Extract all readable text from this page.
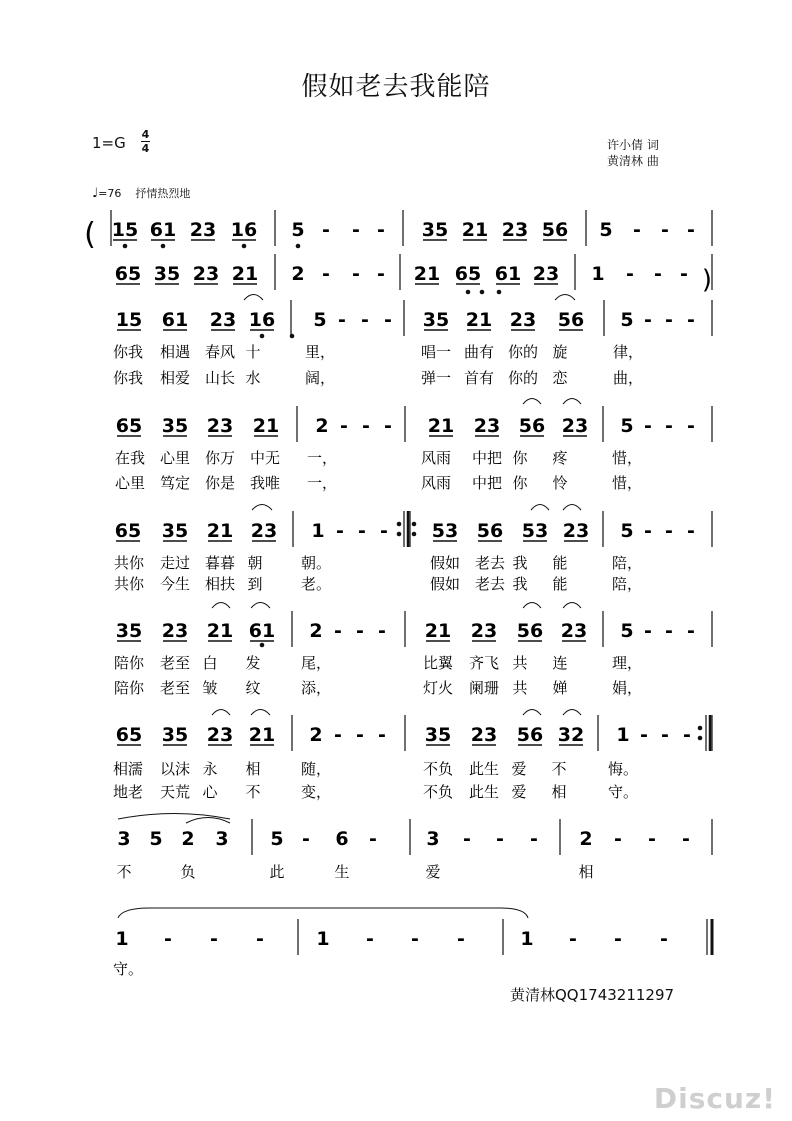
假如老去我能陪
1=G 4
4	许小倩 词
黄清林 曲
♩=76 抒情热烈地
15 61 23 16 5 - - - 35 21 23 56 5 - - -
65 35 23 21 2 - - - 21 65 61 23 1 - - -
15 61 23 16 5 - - - 35 21 23 56 5 - - -
你我 相遇 春风 十	里，	唱一 曲有 你的 旋	律，
你我 相爱 山长 水	阔，	弹一 首有 你的 恋	曲，
65 35 23 21 2 - - - 21 23 56 23 5 - - -
在我 心里 你万 中无 一，	风雨 中把 你 疼	惜，
心里 笃定 你是 我唯 一，	风雨 中把 你 怜	惜，
65 35 21 23 1 - - - 53 56 53 23 5 - - -
共你 走过 暮暮 朝	朝。	假如 老去 我 能	陪，
共你 今生 相扶 到	老。	假如 老去 我 能	陪，
35 23 21 61 2 - - - 21 23 56 23 5 - - -
陪你 老至 白 发	尾，	比翼 齐飞 共 连	理，
陪你 老至 皱 纹	添，	灯火 阑珊 共 婵	娟，
65 35 23 21 2 - - - 35 23 56 32 1 - - -
相濡 以沫 永 相	随，	不负 此生 爱 不	悔。
地老 天荒 心 不	变，	不负 此生 爱 相	守。
3 5 2 3 5 - 6 -	3 - - - 2 - - -
不	负	此	生	爱	相
1 - - -	1 - - -	1 - - -
守。
(
)
黄清林QQ1743211297
Discuz!
